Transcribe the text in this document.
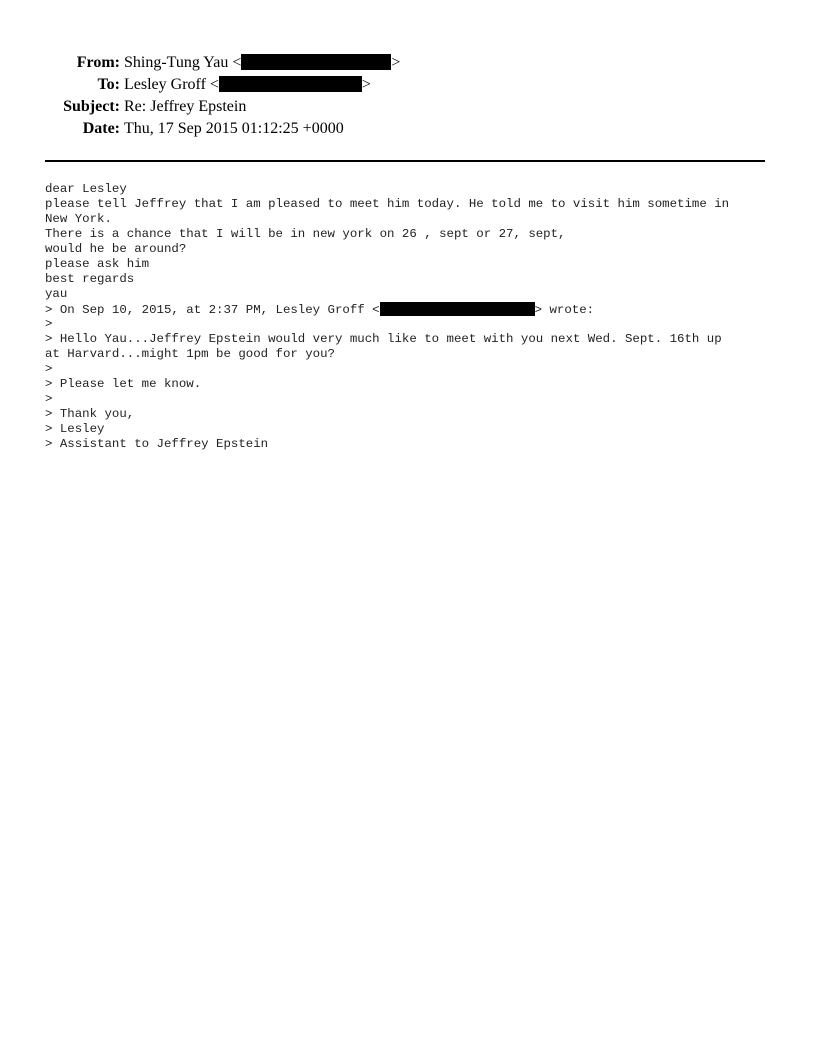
From: Shing-Tung Yau <	>
To: Lesley Groff <	>
Subject: Re: Jeffrey Epstein
Date: Thu, 17 Sep 2015 01:12:25 +0000
dear Lesley
please tell Jeffrey that I am pleased to meet him today. He told me to visit him sometime in
New York.
There is a chance that I will be in new york on 26 , sept or 27, sept,
would he be around?
please ask him
best regards
yau
> On Sep 10, 2015, at 2:37 PM, Lesley Groff <	> wrote:
>
> Hello Yau...Jeffrey Epstein would very much like to meet with you next Wed. Sept. 16th up
at Harvard...might 1pm be good for you?
>
> Please let me know.
>
> Thank you,
> Lesley
> Assistant to Jeffrey Epstein
